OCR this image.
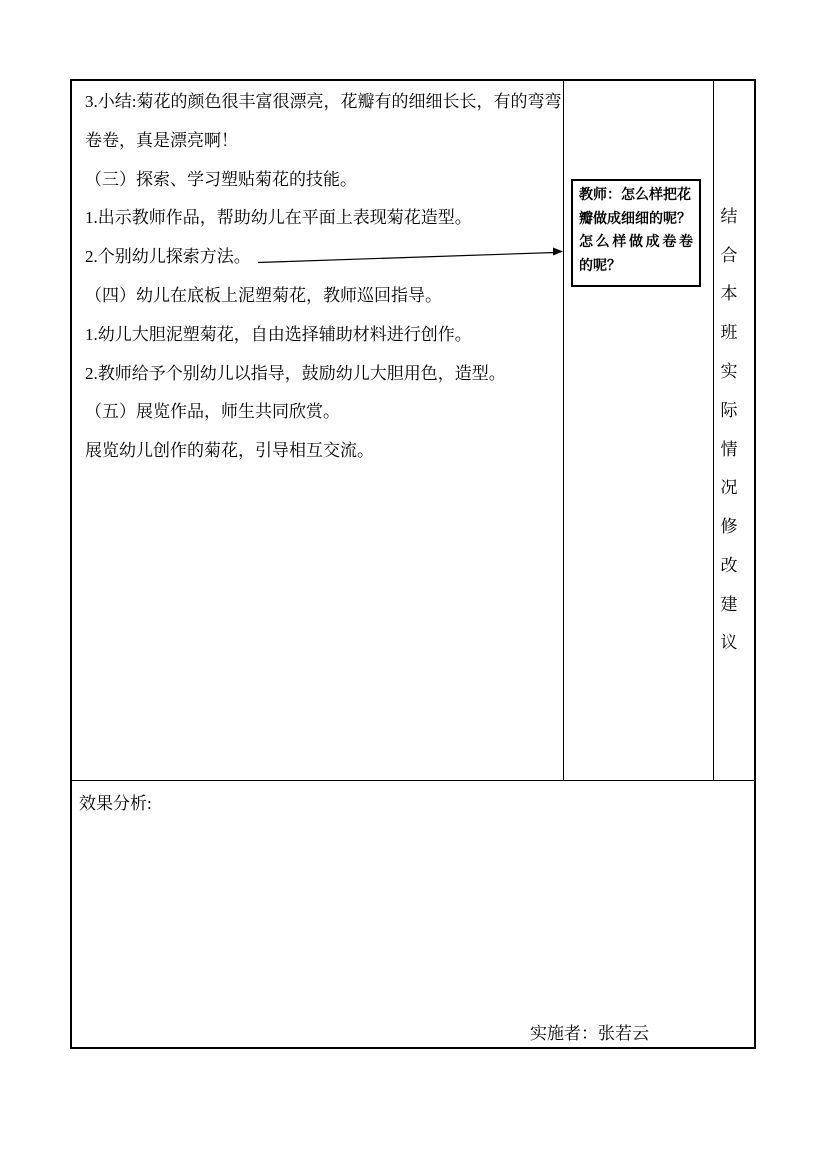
3.小结:菊花的颜色很丰富很漂亮，花瓣有的细细长长，有的弯弯
卷卷，真是漂亮啊！
（三）探索、学习塑贴菊花的技能。
1.出示教师作品，帮助幼儿在平面上表现菊花造型。
2.个别幼儿探索方法。
（四）幼儿在底板上泥塑菊花，教师巡回指导。
1.幼儿大胆泥塑菊花，自由选择辅助材料进行创作。
2.教师给予个别幼儿以指导，鼓励幼儿大胆用色，造型。
（五）展览作品，师生共同欣赏。
展览幼儿创作的菊花，引导相互交流。
教师：怎么样把花
瓣做成细细的呢？
怎么样做成卷卷
的呢？
结
合
本
班
实
际
情
况
修
改
建
议
效果分析:
实施者：张若云
